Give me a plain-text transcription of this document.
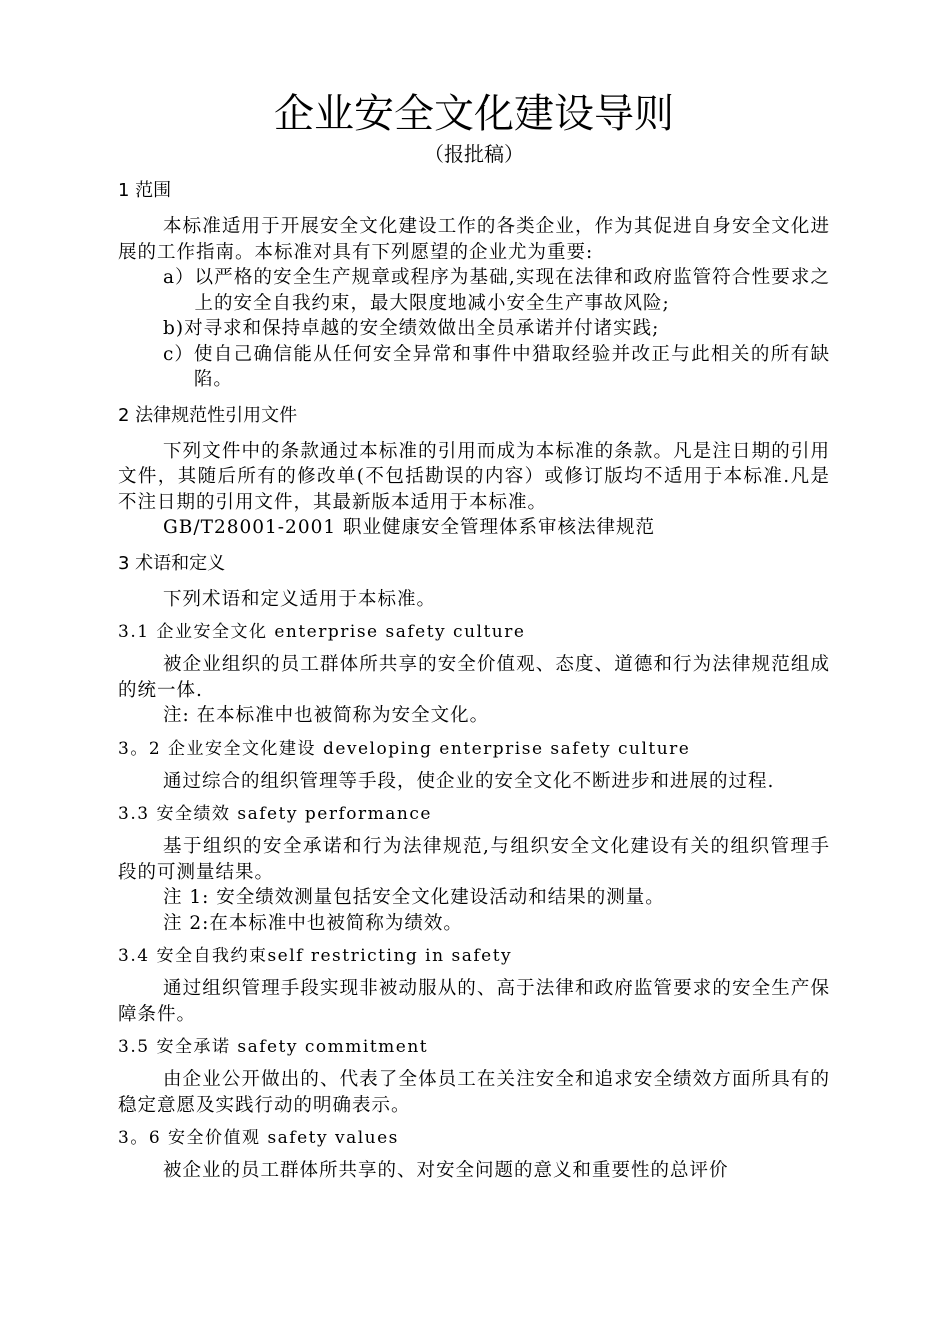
企业安全文化建设导则
（报批稿）
1 范围

本标准适用于开展安全文化建设工作的各类企业，作为其促进自身安全文化进展的工作指南。本标准对具有下列愿望的企业尤为重要:

a） 以严格的安全生产规章或程序为基础,实现在法律和政府监管符合性要求之上的安全自我约束，最大限度地减小安全生产事故风险;
b) 对寻求和保持卓越的安全绩效做出全员承诺并付诸实践;
c） 使自己确信能从任何安全异常和事件中猎取经验并改正与此相关的所有缺陷。
2 法律规范性引用文件

下列文件中的条款通过本标准的引用而成为本标准的条款。凡是注日期的引用文件，其随后所有的修改单(不包括勘误的内容）或修订版均不适用于本标准.凡是不注日期的引用文件，其最新版本适用于本标准。

GB/T28001-2001 职业健康安全管理体系审核法律规范

3 术语和定义

下列术语和定义适用于本标准。

3.1 企业安全文化 enterprise safety culture

被企业组织的员工群体所共享的安全价值观、态度、道德和行为法律规范组成的统一体.

注: 在本标准中也被简称为安全文化。

3。2 企业安全文化建设 developing enterprise safety culture

通过综合的组织管理等手段，使企业的安全文化不断进步和进展的过程.

3.3 安全绩效 safety performance

基于组织的安全承诺和行为法律规范,与组织安全文化建设有关的组织管理手段的可测量结果。

注 1: 安全绩效测量包括安全文化建设活动和结果的测量。

注 2:在本标准中也被简称为绩效。

3.4 安全自我约束self restricting in safety

通过组织管理手段实现非被动服从的、高于法律和政府监管要求的安全生产保障条件。

3.5 安全承诺 safety commitment

由企业公开做出的、代表了全体员工在关注安全和追求安全绩效方面所具有的稳定意愿及实践行动的明确表示。

3。6 安全价值观 safety values

被企业的员工群体所共享的、对安全问题的意义和重要性的总评价
